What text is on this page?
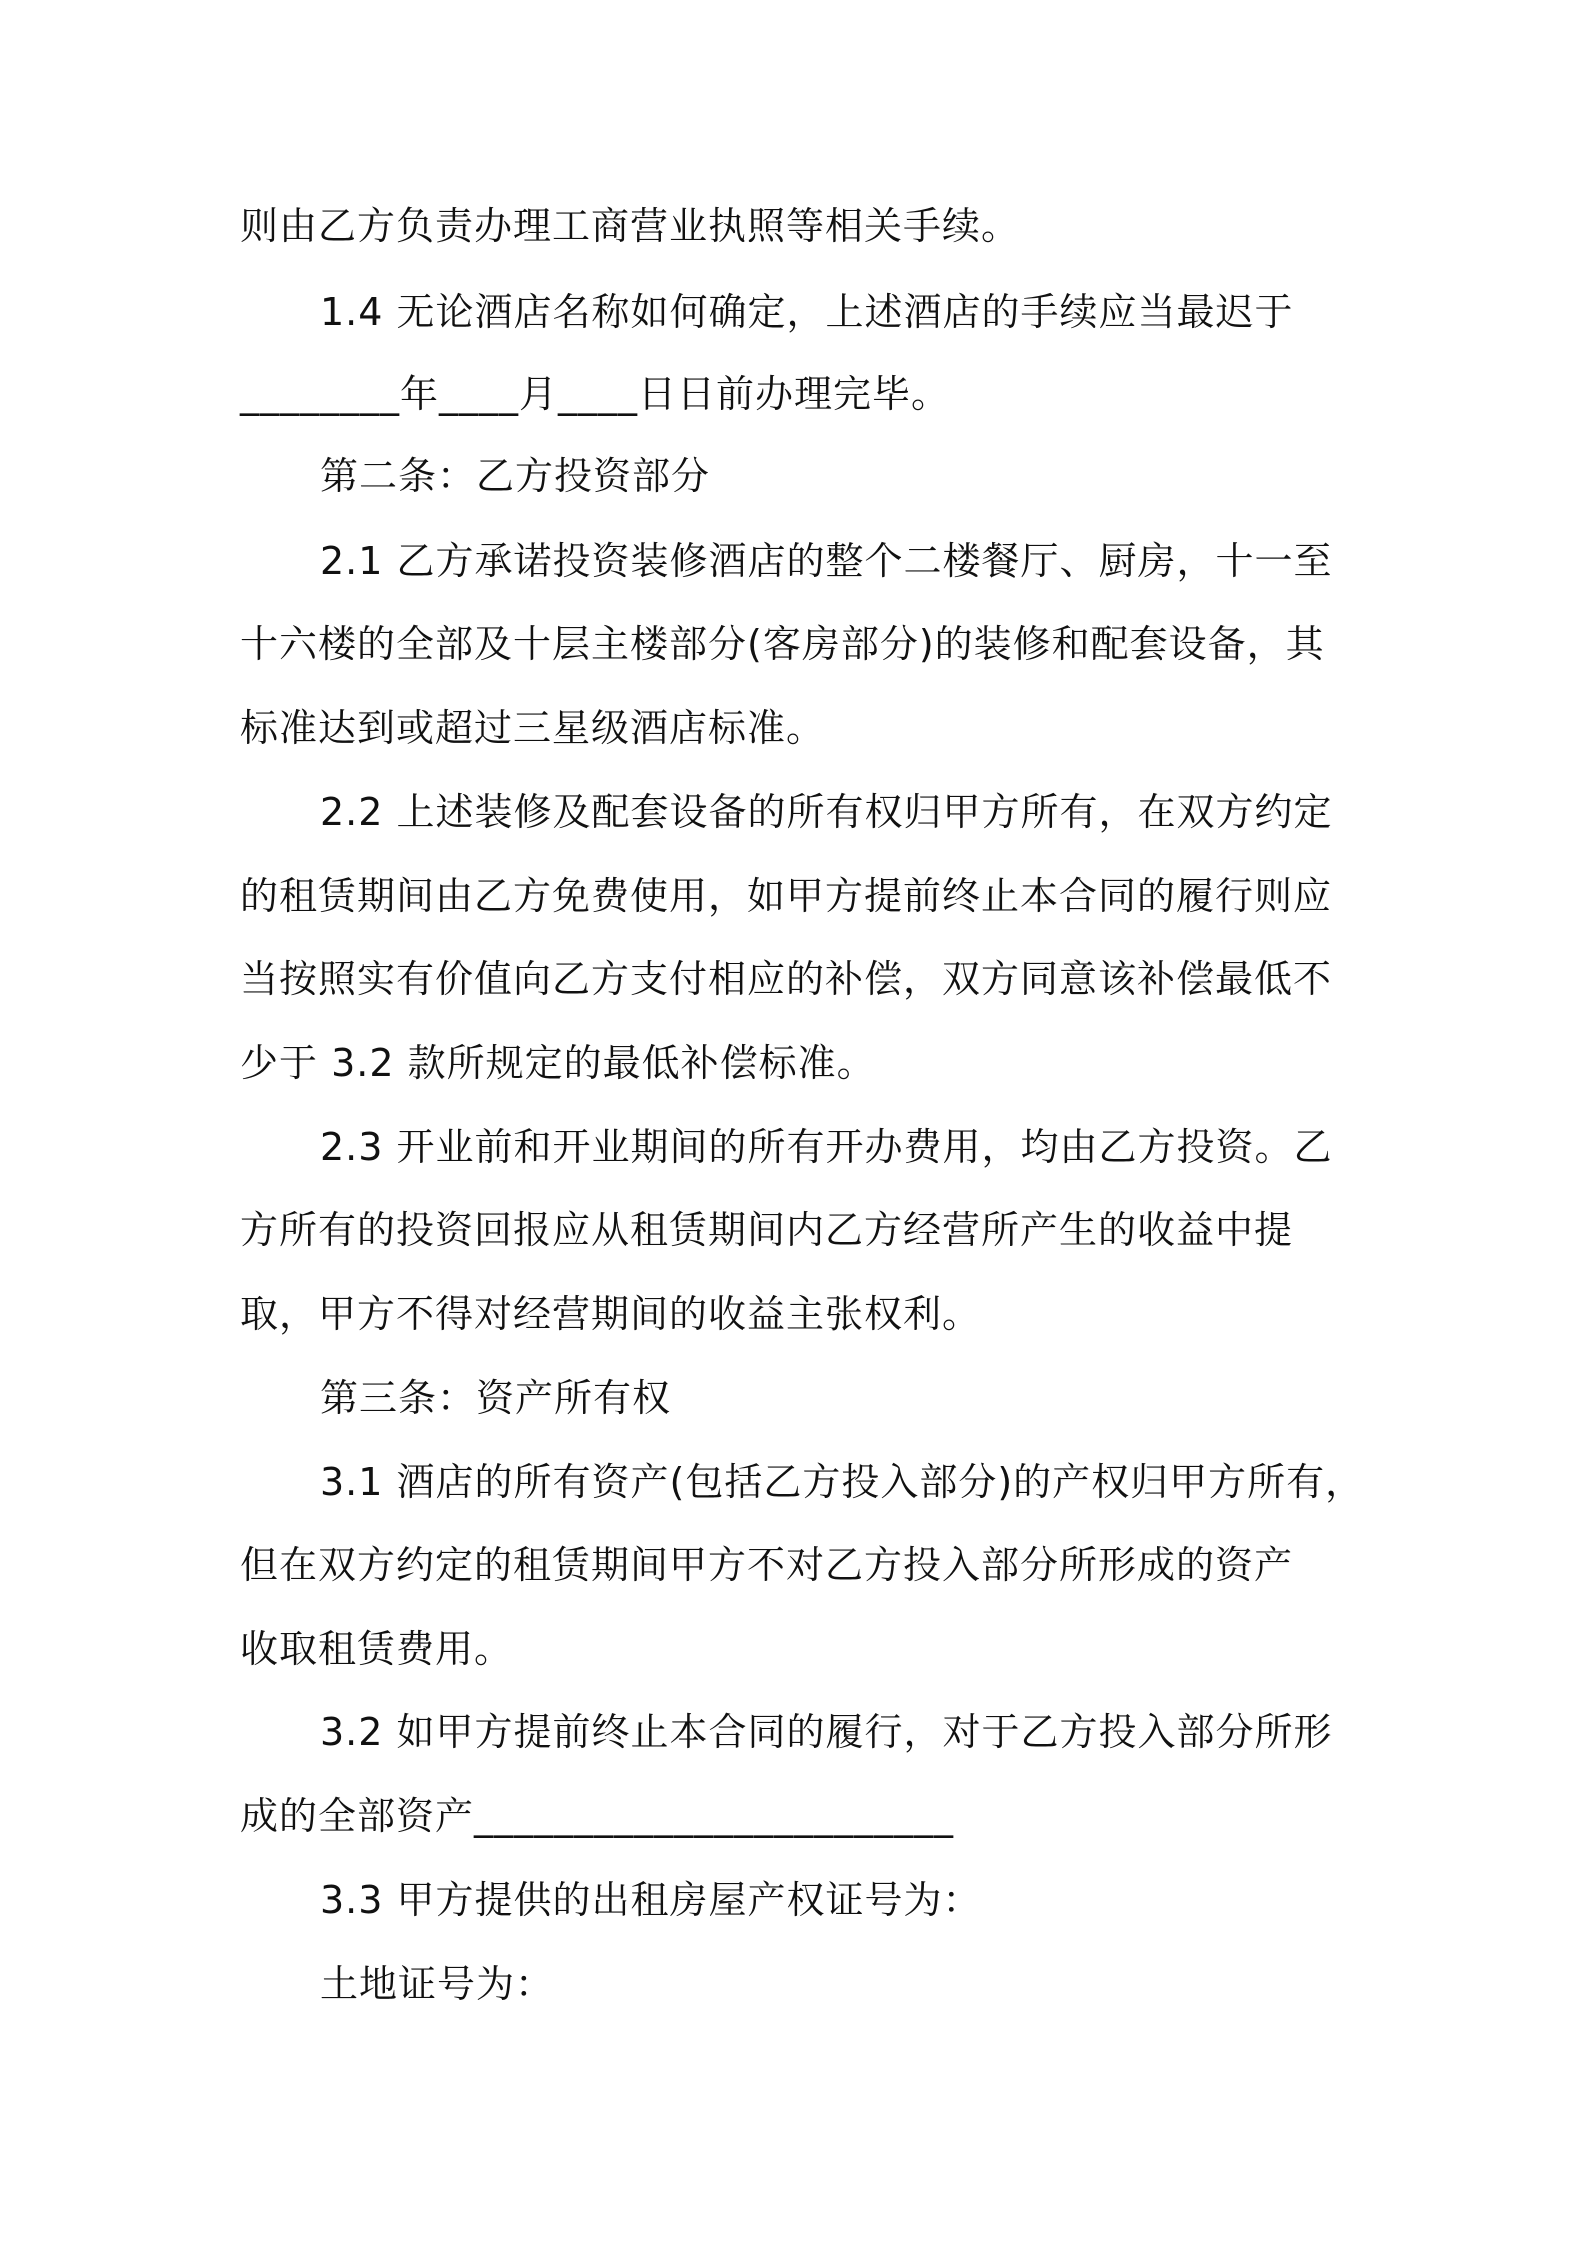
则由乙方负责办理工商营业执照等相关手续。
1.4 无论酒店名称如何确定，上述酒店的手续应当最迟于
________年____月____日日前办理完毕。
第二条：乙方投资部分
2.1 乙方承诺投资装修酒店的整个二楼餐厅、厨房，十一至
十六楼的全部及十层主楼部分(客房部分)的装修和配套设备，其
标准达到或超过三星级酒店标准。
2.2 上述装修及配套设备的所有权归甲方所有，在双方约定
的租赁期间由乙方免费使用，如甲方提前终止本合同的履行则应
当按照实有价值向乙方支付相应的补偿，双方同意该补偿最低不
少于 3.2 款所规定的最低补偿标准。
2.3 开业前和开业期间的所有开办费用，均由乙方投资。乙
方所有的投资回报应从租赁期间内乙方经营所产生的收益中提
取，甲方不得对经营期间的收益主张权利。
第三条：资产所有权
3.1 酒店的所有资产(包括乙方投入部分)的产权归甲方所有，
但在双方约定的租赁期间甲方不对乙方投入部分所形成的资产
收取租赁费用。
3.2 如甲方提前终止本合同的履行，对于乙方投入部分所形
成的全部资产________________________
3.3 甲方提供的出租房屋产权证号为：
土地证号为：
